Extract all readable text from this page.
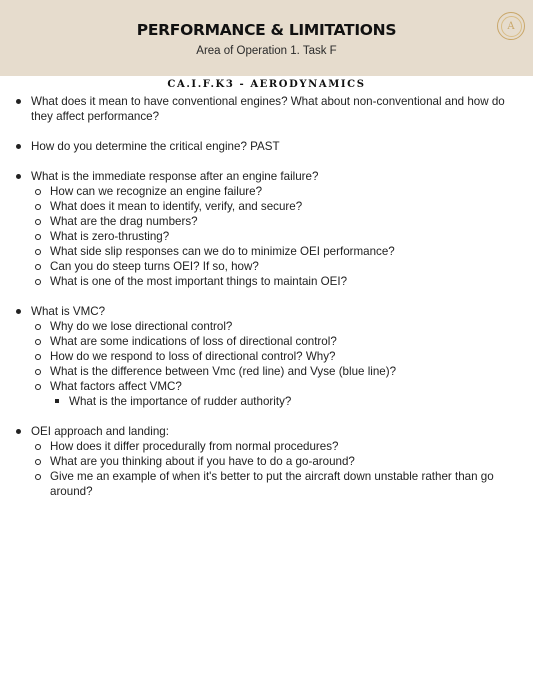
PERFORMANCE & LIMITATIONS
Area of Operation 1. Task F
A
CA.I.F.K3 - AERODYNAMICS
What does it mean to have conventional engines? What about non-conventional and how do they affect performance?
How do you determine the critical engine? PAST
What is the immediate response after an engine failure?
How can we recognize an engine failure?
What does it mean to identify, verify, and secure?
What are the drag numbers?
What is zero-thrusting?
What side slip responses can we do to minimize OEI performance?
Can you do steep turns OEI? If so, how?
What is one of the most important things to maintain OEI?
What is VMC?
Why do we lose directional control?
What are some indications of loss of directional control?
How do we respond to loss of directional control? Why?
What is the difference between Vmc (red line) and Vyse (blue line)?
What factors affect VMC?
What is the importance of rudder authority?
OEI approach and landing:
How does it differ procedurally from normal procedures?
What are you thinking about if you have to do a go-around?
Give me an example of when it's better to put the aircraft down unstable rather than go around?
